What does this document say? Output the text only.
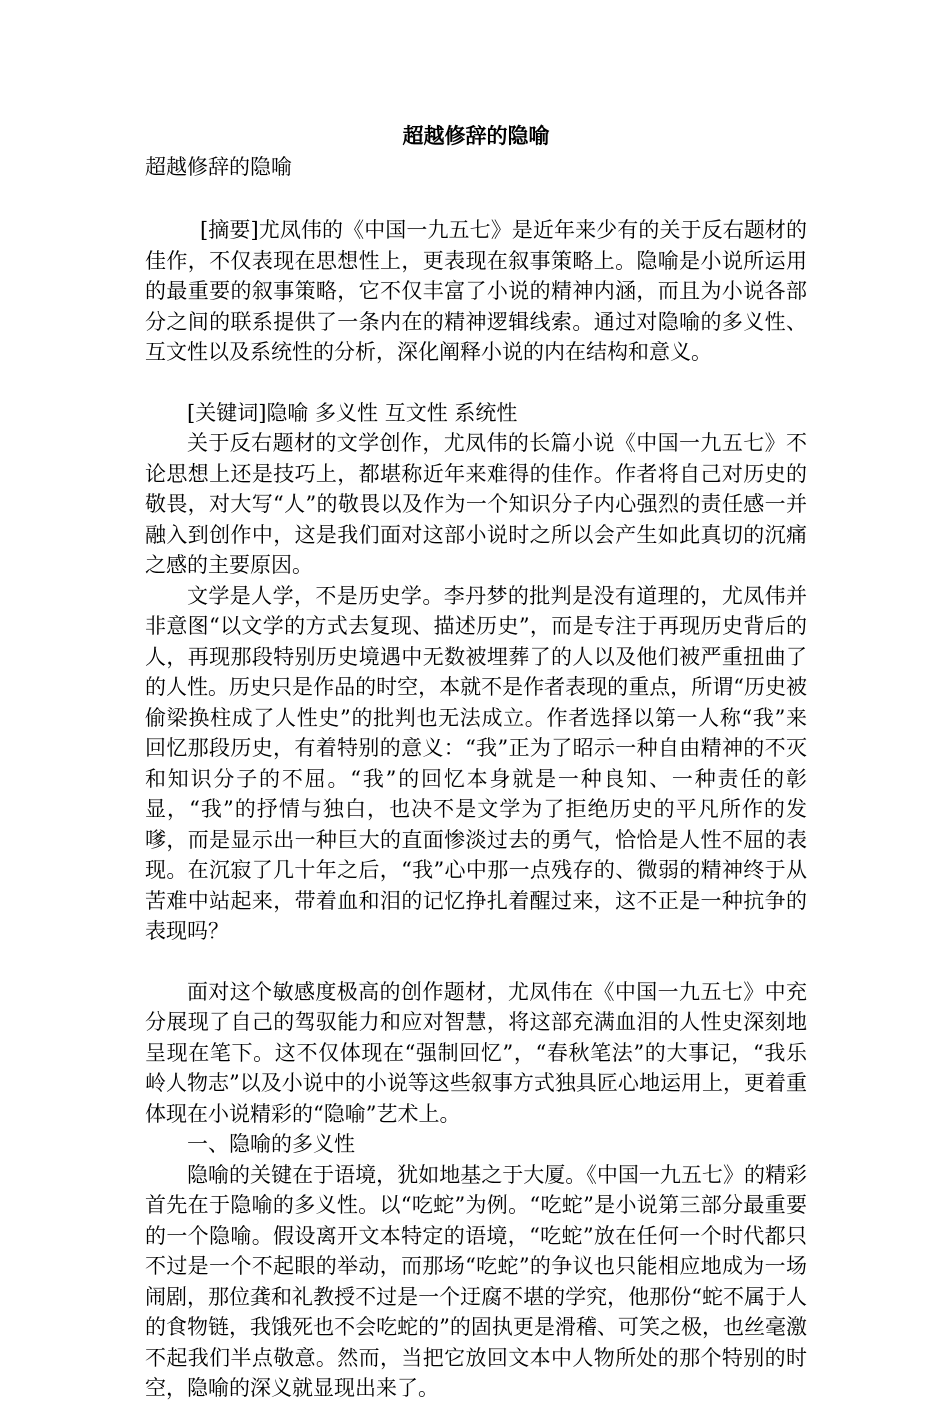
超越修辞的隐喻
超越修辞的隐喻

[摘要]尤凤伟的《中国一九五七》是近年来少有的关于反右题材的佳作，不仅表现在思想性上，更表现在叙事策略上。隐喻是小说所运用的最重要的叙事策略，它不仅丰富了小说的精神内涵，而且为小说各部分之间的联系提供了一条内在的精神逻辑线索。通过对隐喻的多义性、互文性以及系统性的分析，深化阐释小说的内在结构和意义。

[关键词]隐喻 多义性 互文性 系统性

关于反右题材的文学创作，尤凤伟的长篇小说《中国一九五七》不论思想上还是技巧上，都堪称近年来难得的佳作。作者将自己对历史的敬畏，对大写“人”的敬畏以及作为一个知识分子内心强烈的责任感一并融入到创作中，这是我们面对这部小说时之所以会产生如此真切的沉痛之感的主要原因。

文学是人学，不是历史学。李丹梦的批判是没有道理的，尤凤伟并非意图“以文学的方式去复现、描述历史”，而是专注于再现历史背后的人，再现那段特别历史境遇中无数被埋葬了的人以及他们被严重扭曲了的人性。历史只是作品的时空，本就不是作者表现的重点，所谓“历史被偷梁换柱成了人性史”的批判也无法成立。作者选择以第一人称“我”来回忆那段历史，有着特别的意义：“我”正为了昭示一种自由精神的不灭和知识分子的不屈。“我”的回忆本身就是一种良知、一种责任的彰显，“我”的抒情与独白，也决不是文学为了拒绝历史的平凡所作的发嗲，而是显示出一种巨大的直面惨淡过去的勇气，恰恰是人性不屈的表现。在沉寂了几十年之后，“我”心中那一点残存的、微弱的精神终于从苦难中站起来，带着血和泪的记忆挣扎着醒过来，这不正是一种抗争的表现吗？

面对这个敏感度极高的创作题材，尤凤伟在《中国一九五七》中充分展现了自己的驾驭能力和应对智慧，将这部充满血泪的人性史深刻地呈现在笔下。这不仅体现在“强制回忆”，“春秋笔法”的大事记，“我乐岭人物志”以及小说中的小说等这些叙事方式独具匠心地运用上，更着重体现在小说精彩的“隐喻”艺术上。

一、隐喻的多义性

隐喻的关键在于语境，犹如地基之于大厦。《中国一九五七》的精彩首先在于隐喻的多义性。以“吃蛇”为例。“吃蛇”是小说第三部分最重要的一个隐喻。假设离开文本特定的语境，“吃蛇”放在任何一个时代都只不过是一个不起眼的举动，而那场“吃蛇”的争议也只能相应地成为一场闹剧，那位龚和礼教授不过是一个迂腐不堪的学究，他那份“蛇不属于人的食物链，我饿死也不会吃蛇的”的固执更是滑稽、可笑之极，也丝毫激不起我们半点敬意。然而，当把它放回文本中人物所处的那个特别的时空，隐喻的深义就显现出来了。
